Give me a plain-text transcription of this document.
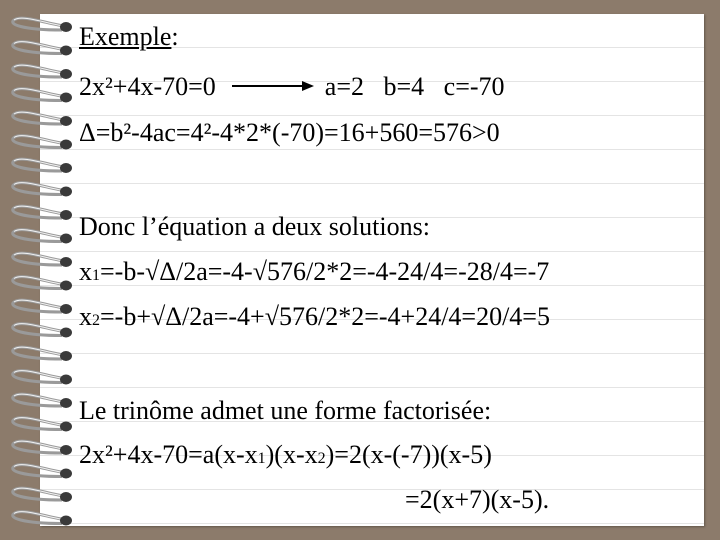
Exemple:
2x²+4x-70=0	a=2   b=4   c=-70
Δ=b²-4ac=4²-4*2*(-70)=16+560=576>0
Donc l’équation a deux solutions:
x1=-b-√Δ/2a=-4-√576/2*2=-4-24/4=-28/4=-7
x2=-b+√Δ/2a=-4+√576/2*2=-4+24/4=20/4=5
Le trinôme admet une forme factorisée:
2x²+4x-70=a(x-x1)(x-x2)=2(x-(-7))(x-5)
=2(x+7)(x-5).
